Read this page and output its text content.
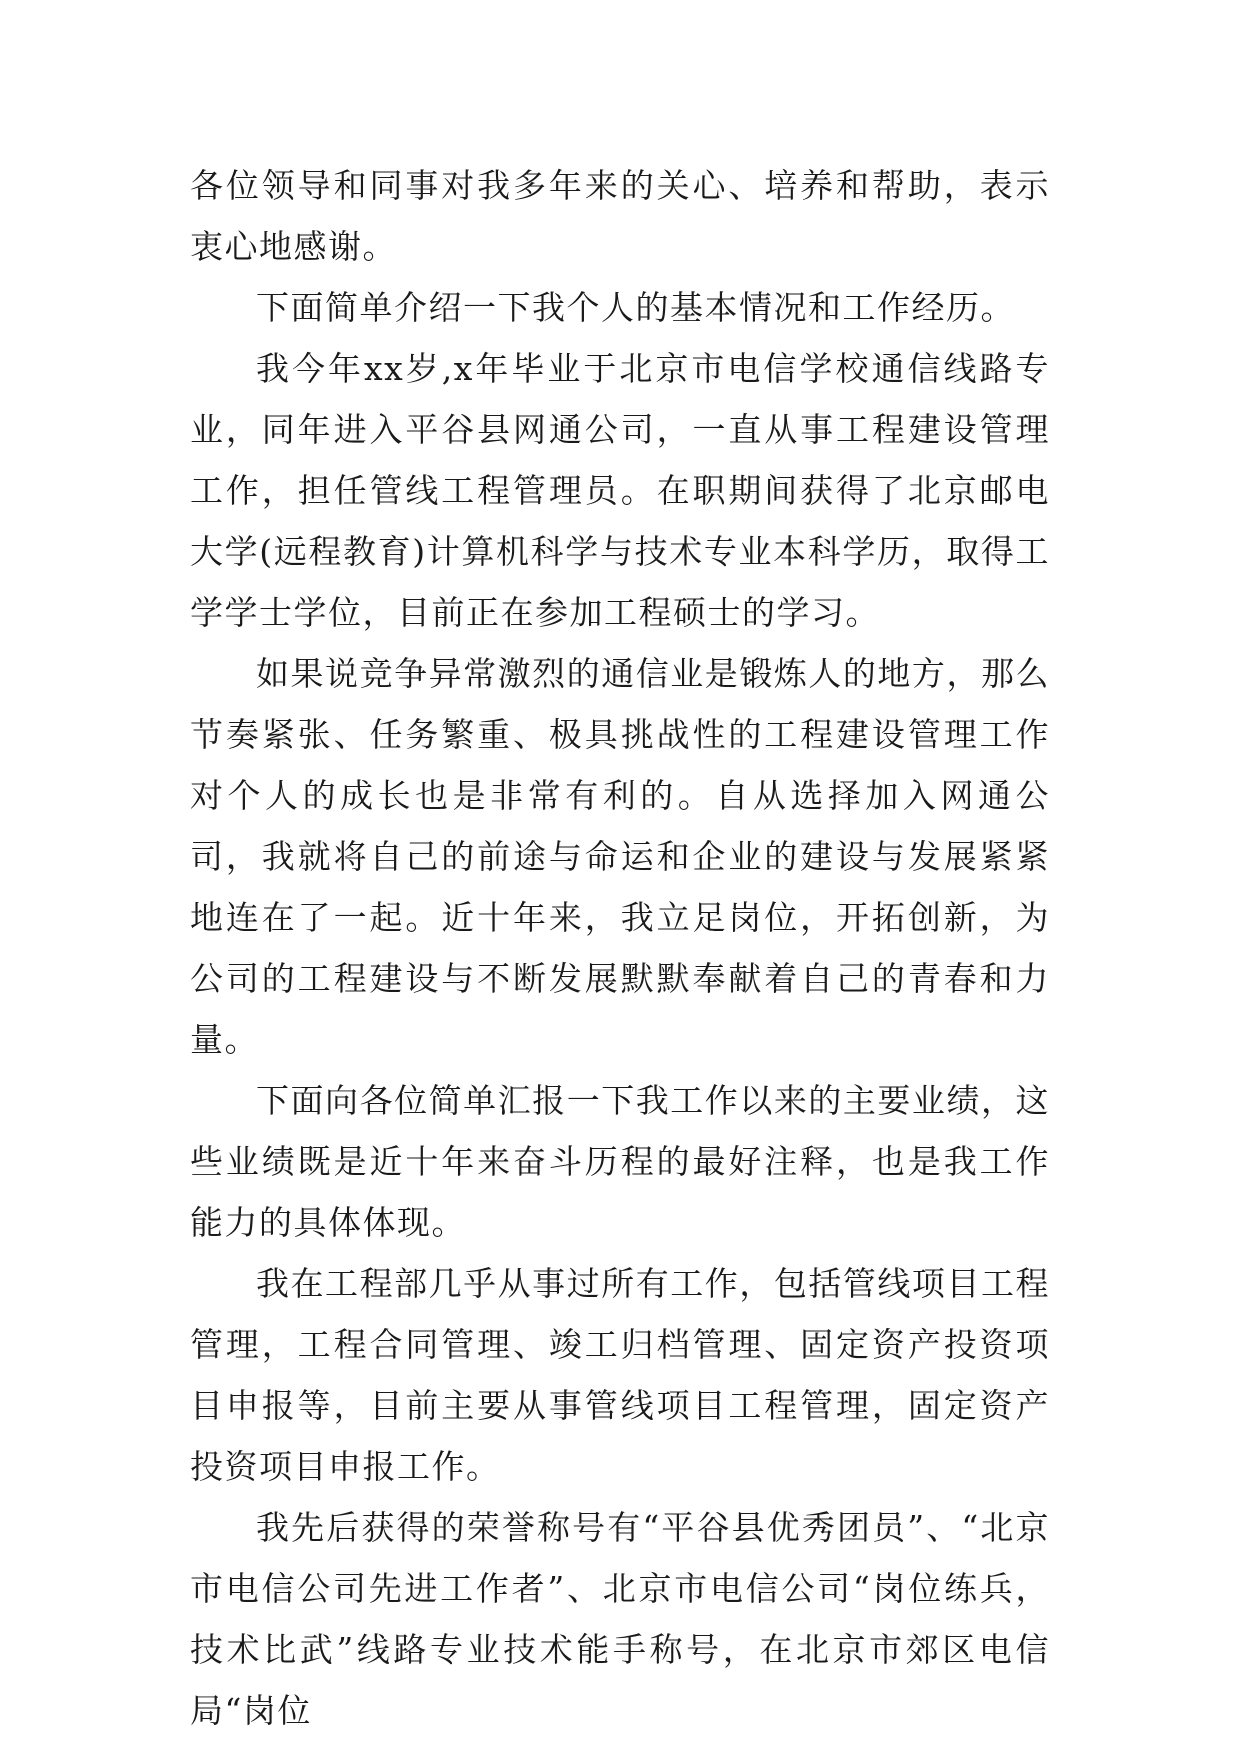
各位领导和同事对我多年来的关心、培养和帮助，表示衷心地感谢。

下面简单介绍一下我个人的基本情况和工作经历。

我今年xx岁,x年毕业于北京市电信学校通信线路专业，同年进入平谷县网通公司，一直从事工程建设管理工作，担任管线工程管理员。在职期间获得了北京邮电大学(远程教育)计算机科学与技术专业本科学历，取得工学学士学位，目前正在参加工程硕士的学习。

如果说竞争异常激烈的通信业是锻炼人的地方，那么节奏紧张、任务繁重、极具挑战性的工程建设管理工作对个人的成长也是非常有利的。自从选择加入网通公司，我就将自己的前途与命运和企业的建设与发展紧紧地连在了一起。近十年来，我立足岗位，开拓创新，为公司的工程建设与不断发展默默奉献着自己的青春和力量。

下面向各位简单汇报一下我工作以来的主要业绩，这些业绩既是近十年来奋斗历程的最好注释，也是我工作能力的具体体现。

我在工程部几乎从事过所有工作，包括管线项目工程管理，工程合同管理、竣工归档管理、固定资产投资项目申报等，目前主要从事管线项目工程管理，固定资产投资项目申报工作。

我先后获得的荣誉称号有“平谷县优秀团员”、“北京市电信公司先进工作者”、北京市电信公司“岗位练兵，技术比武”线路专业技术能手称号，在北京市郊区电信局“岗位
